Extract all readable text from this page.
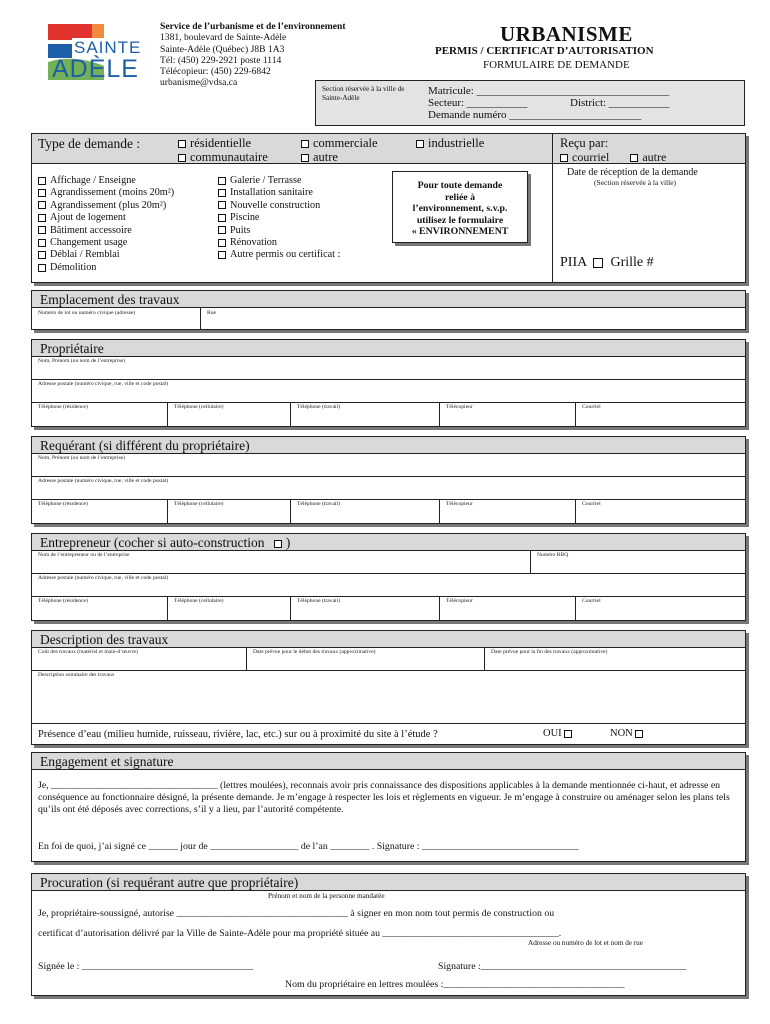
SAINTE
ADÈLE
Service de l’urbanisme et de l’environnement
1381, boulevard de Sainte-Adèle
Sainte-Adèle (Québec) J8B 1A3
Tél: (450) 229-2921 poste 1114
Télécopieur: (450) 229-6842
urbanisme@vdsa.ca
URBANISME
PERMIS / CERTIFICAT D’AUTORISATION
FORMULAIRE DE DEMANDE
Section réservée à la ville de Sainte-Adèle
Matricule: ___________________________________
Secteur: ___________	District: ___________
Demande numéro ________________________
Type de demande :	résidentielle	commerciale	industrielle
communautaire	autre
Reçu par:
courriel	autre
Date de réception de la demande
(Section réservée à la ville)
PIIA Grille #
Affichage / Enseigne
Agrandissement (moins 20m²)
Agrandissement (plus 20m²)
Ajout de logement
Bâtiment accessoire
Changement usage
Déblai / Remblai
Démolition
Galerie / Terrasse
Installation sanitaire
Nouvelle construction
Piscine
Puits
Rénovation
Autre permis ou certificat :
Pour toute demande
reliée à
l’environnement, s.v.p.
utilisez le formulaire
« ENVIRONNEMENT
Emplacement des travaux
Numéro de lot ou numéro civique (adresse)	Rue
Propriétaire
Nom, Prénom (ou nom de l’entreprise)
Adresse postale (numéro civique, rue, ville et code postal)
Téléphone (résidence)	Téléphone (cellulaire)	Téléphone (travail)	Télécopieur	Courriel
Requérant (si différent du propriétaire)
Nom, Prénom (ou nom de l’entreprise)
Adresse postale (numéro civique, rue, ville et code postal)
Téléphone (résidence)	Téléphone (cellulaire)	Téléphone (travail)	Télécopieur	Courriel
Entrepreneur (cocher si auto-construction )
Nom de l’entrepreneur ou de l’entreprise	Numéro RBQ
Adresse postale (numéro civique, rue, ville et code postal)
Téléphone (résidence)	Téléphone (cellulaire)	Téléphone (travail)	Télécopieur	Courriel
Description des travaux
Coût des travaux (matériel et main-d’œuvre)	Date prévue pour le début des travaux (approximative)	Date prévue pour la fin des travaux (approximative)
Description sommaire des travaux
Présence d’eau (milieu humide, ruisseau, rivière, lac, etc.) sur ou à proximité du site à l’étude ?	OUI	NON
Engagement et signature
Je, __________________________________ (lettres moulées), reconnais avoir pris connaissance des dispositions applicables à la demande mentionnée ci-haut, et adresse en conséquence au fonctionnaire désigné, la présente demande. Je m’engage à respecter les lois et règlements en vigueur. Je m’engage à construire ou aménager selon les plans tels qu’ils ont été déposés avec corrections, s’il y a lieu, par l’autorité compétente.
En foi de quoi, j’ai signé ce ______ jour de __________________ de l’an ________ . Signature : ________________________________
Procuration (si requérant autre que propriétaire)
Prénom et nom de la personne mandatée
Je, propriétaire-soussigné, autorise ___________________________________ à signer en mon nom tout permis de construction ou
certificat d’autorisation délivré par la Ville de Sainte-Adèle pour ma propriété située au ____________________________________.
Adresse ou numéro de lot et nom de rue
Signée le : ___________________________________	Signature :__________________________________________
Nom du propriétaire en lettres moulées :_____________________________________
